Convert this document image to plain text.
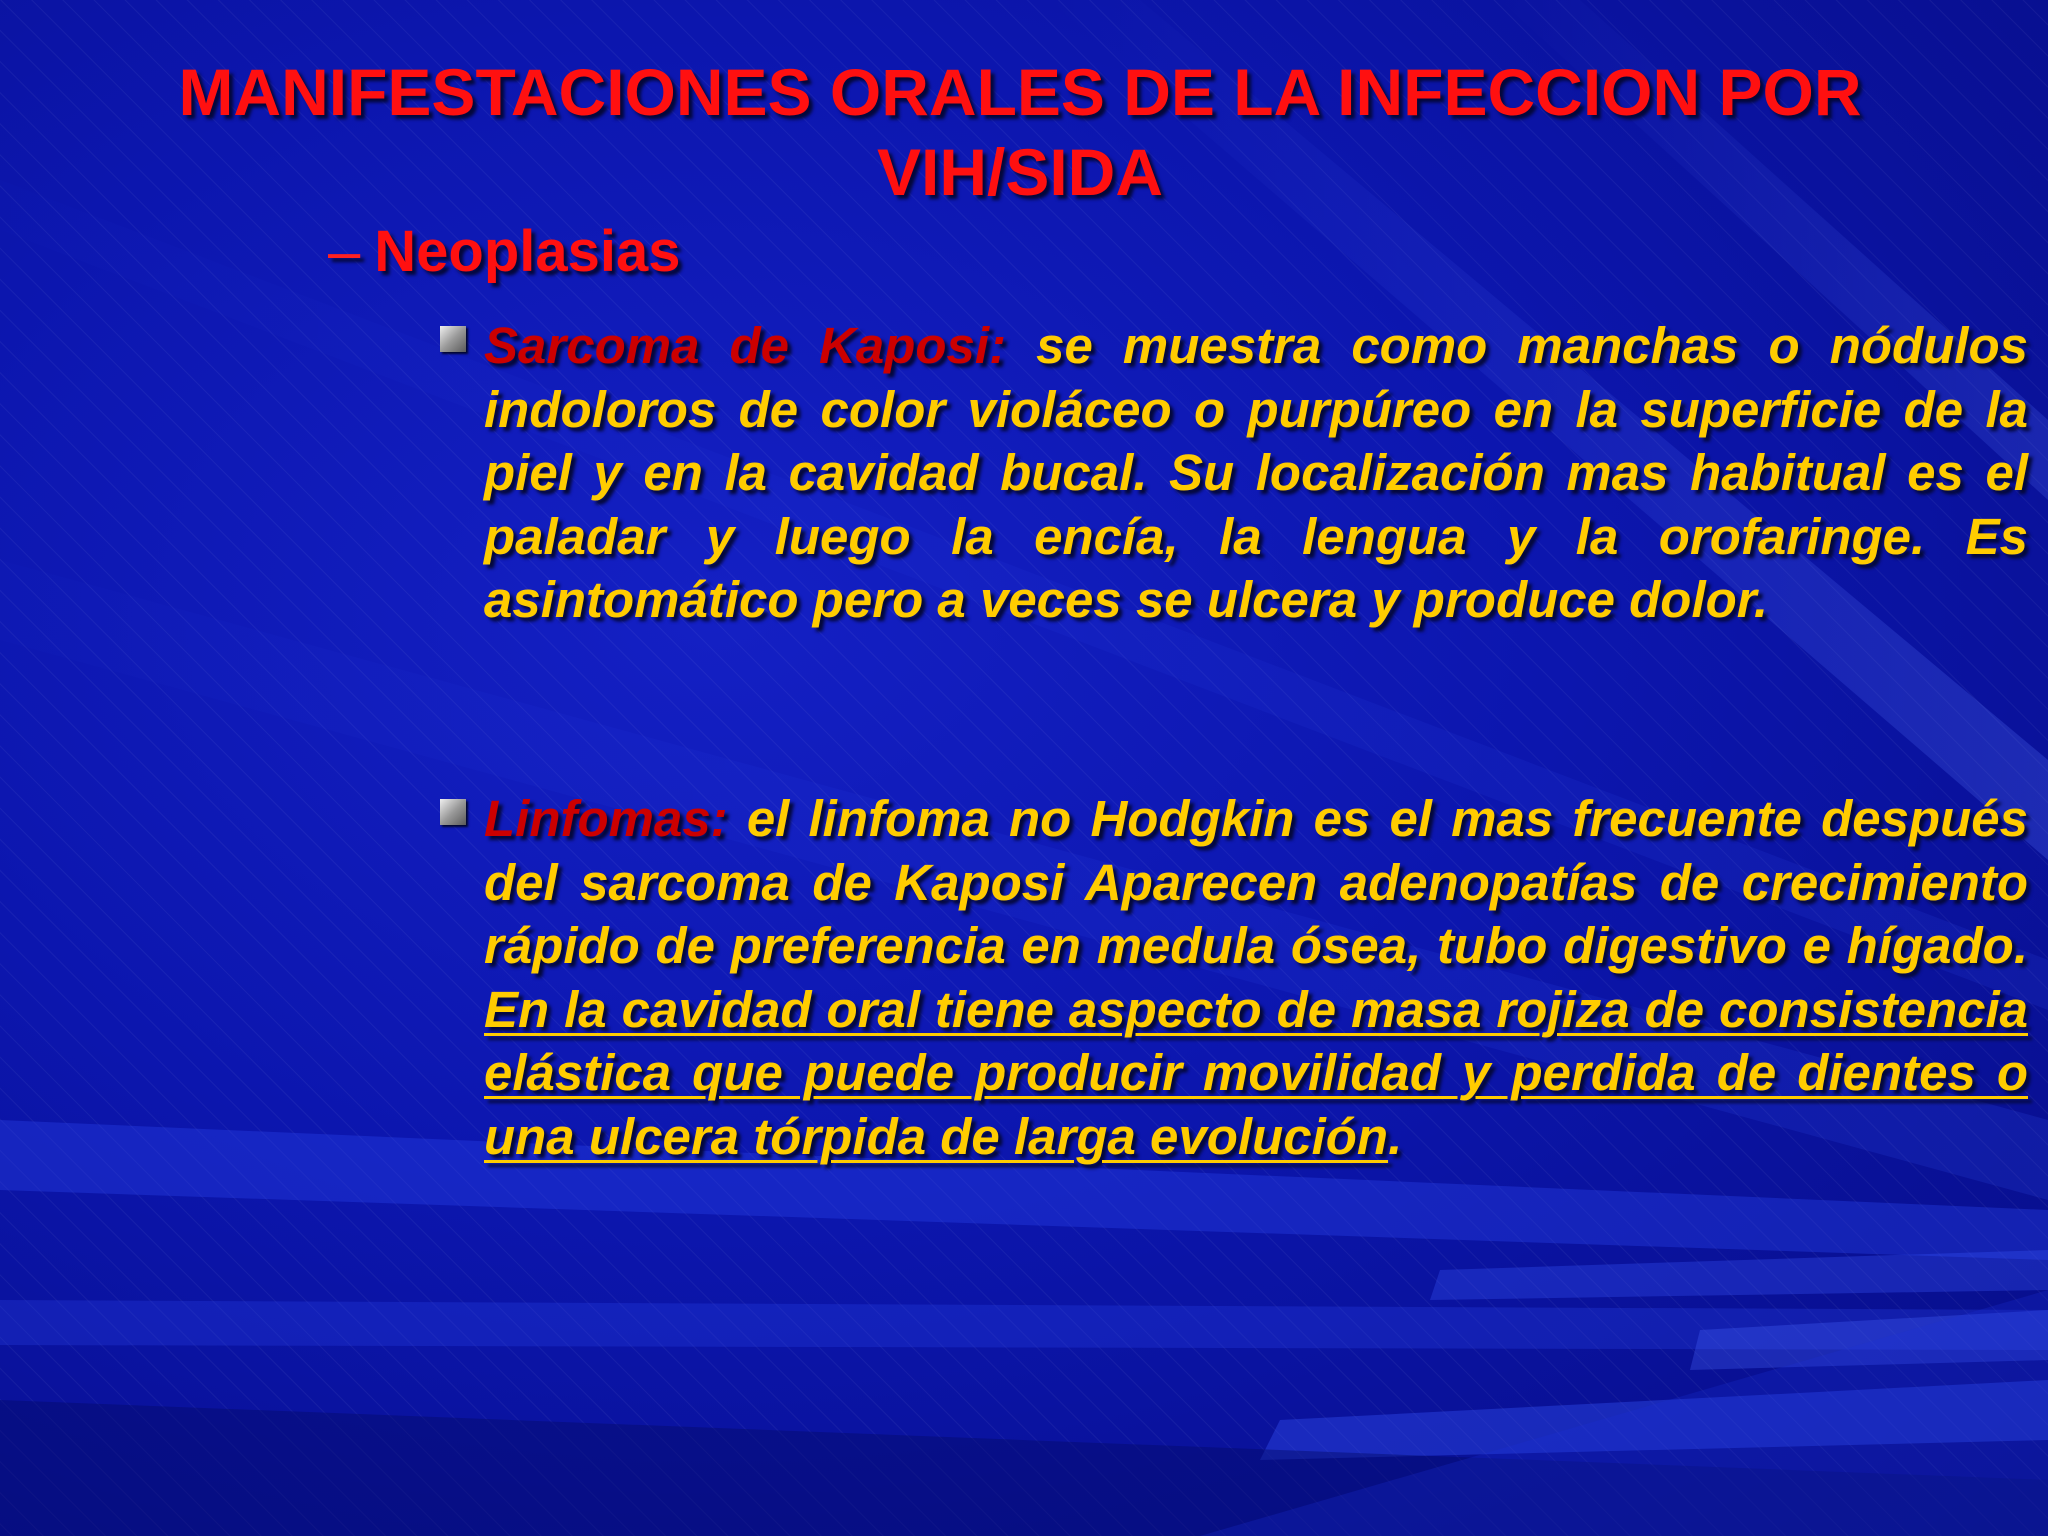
MANIFESTACIONES ORALES DE LA INFECCION POR VIH/SIDA
– Neoplasias
Sarcoma de Kaposi: se muestra como manchas o nódulos indoloros de color violáceo o purpúreo en la superficie de la piel y en la cavidad bucal. Su localización mas habitual es el paladar y luego la encía, la lengua y la orofaringe. Es asintomático pero a veces se ulcera y produce dolor.
Linfomas: el linfoma no Hodgkin es el mas frecuente después del sarcoma de Kaposi Aparecen adenopatías de crecimiento rápido de preferencia en medula ósea, tubo digestivo e hígado. En la cavidad oral tiene aspecto de masa rojiza de consistencia elástica que puede producir movilidad y perdida de dientes o una ulcera tórpida de larga evolución.
